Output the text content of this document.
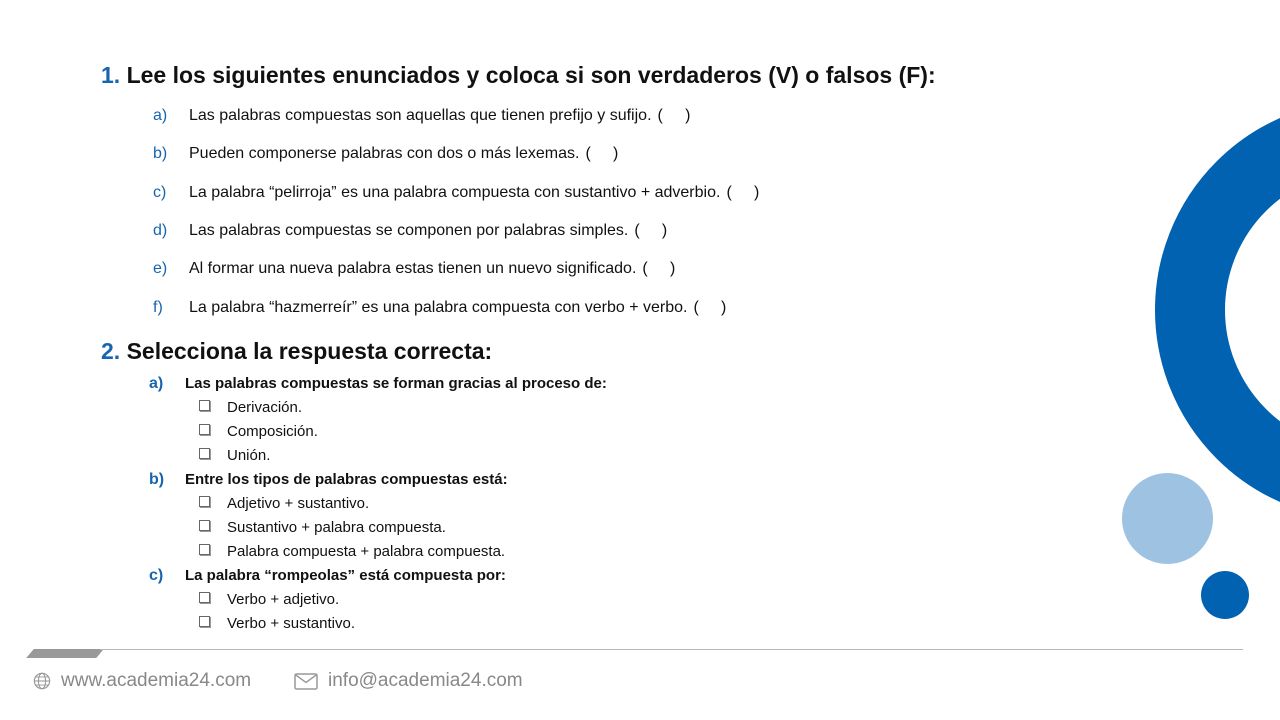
1. Lee los siguientes enunciados y coloca si son verdaderos (V) o falsos (F):
a) Las palabras compuestas son aquellas que tienen prefijo y sufijo. (     )
b) Pueden componerse palabras con dos o más lexemas. (     )
c) La palabra “pelirroja” es una palabra compuesta con sustantivo + adverbio. (     )
d) Las palabras compuestas se componen por palabras simples. (     )
e) Al formar una nueva palabra estas tienen un nuevo significado. (     )
f) La palabra “hazmerreír” es una palabra compuesta con verbo + verbo. (     )
2. Selecciona la respuesta correcta:
a) Las palabras compuestas se forman gracias al proceso de:
Derivación.
Composición.
Unión.
b) Entre los tipos de palabras compuestas está:
Adjetivo + sustantivo.
Sustantivo + palabra compuesta.
Palabra compuesta + palabra compuesta.
c) La palabra “rompeolas” está compuesta por:
Verbo + adjetivo.
Verbo + sustantivo.
www.academia24.com	info@academia24.com
